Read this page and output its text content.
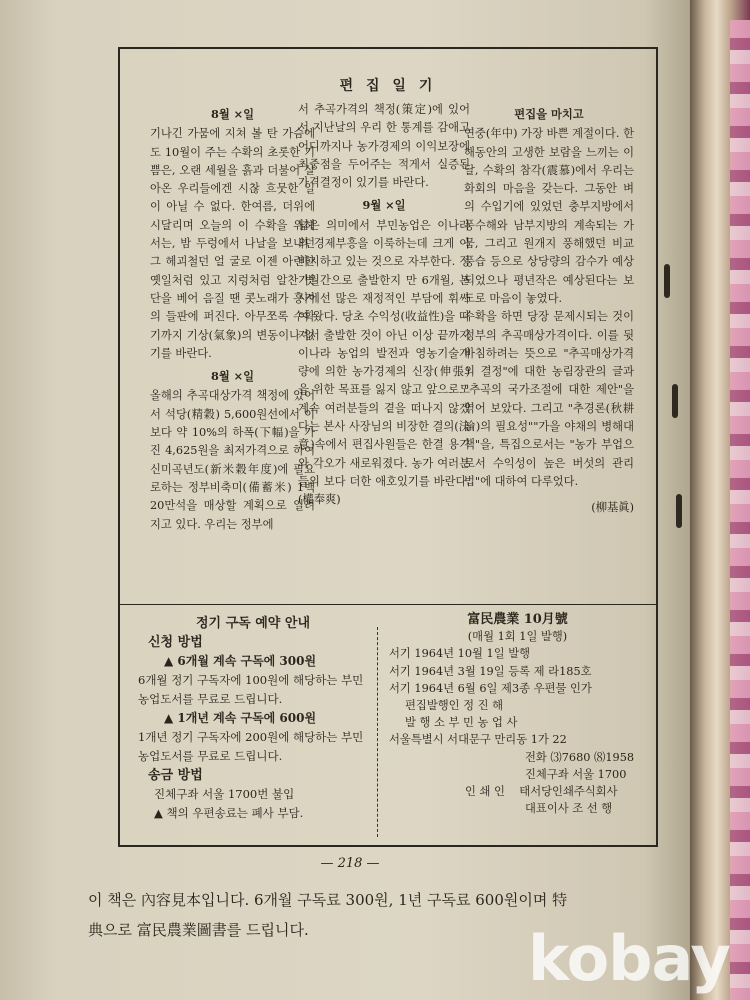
편 집 일 기

8월 ×일

기나긴 가뭄에 지쳐 볼 탄 가슴에도 10월이 주는 수확의 초롯한 기쁨은, 오랜 세월을 흙과 더불어 살아온 우리들에겐 시찮 흐뭇한 일이 아닐 수 없다. 한여름, 더위에 시달리며 오늘의 이 수확을 위해 서는, 밤 두렁에서 나날을 보내던 그 헤괴철던 얼 굴로 이젠 아련한 옛일처럼 있고 지렁처럼 알찬 벗단을 베어 음질 땐 콧노래가 흥겨의 들판에 퍼진다. 아무쪼록 수확기까지 기상(氣象)의 변동이나 없기를 바란다.

8월 ×일

올해의 추곡대상가격 책정에 있어서 석당(精穀) 5,600원선에서 이보다 약 10%의 하폭(下幅)을 가진 4,625원을 최저가격으로 하여 신미곡년도(新米穀年度)에 필요로하는 정부비축미(備蓄米) 1백 20만석을 매상할 계획으로 일려지고 있다. 우리는 정부에

서 추곡가격의 책정(策定)에 있어서 지난날의 우리 한 통계를 감애고 어디까지나 농가경제의 이익보장에 최중점을 두어주는 적게서 실증된 가격결정이 있기를 바란다.

9월 ×일

넓은 의미에서 부민농업은 이나라의 경제부흥을 이룩하는데 크게 이바지하고 있는 것으로 자부한다. 정기월간으로 출발한지 만 6개월, 본사에선 많은 재정적인 부담에 휘싸여 왔다. 당초 수익성(收益性)을 따져서 출발한 것이 아닌 이상 끝까지 이나라 농업의 발전과 영농기술개량에 의한 농가경제의 신장(伸張)을 위한 목표를 잃지 않고 앞으로도 계속 여러분들의 곁을 떠나지 않겠다는 본사 사장님의 비장한 결의(決意)속에서 편집사원들은 한결 용기와 각오가 새로워졌다. 농가 여러분들의 보다 더한 애호있기를 바란다.(權奉爽)

편집을 마치고

연중(年中) 가장 바쁜 계절이다. 한해동안의 고생한 보람을 느끼는 이달, 수확의 참각(震慕)에서 우리는 화회의 마음을 갖는다. 그동안 벼의 수입기에 있었던 충부지방에서 풍수해와 남부지방의 계속되는 가뭄, 그리고 원개지 풍해했던 비교풍습 등으로 상당량의 감수가 예상되었으나 평년작은 예상된다는 보도로 마음이 놓였다.

수확을 하면 당장 문제시되는 것이 정부의 추곡매상가격이다. 이를 뒷바침하려는 뜻으로 "추곡매상가격의 결정"에 대한 농림장관의 글과 "추곡의 국가조절에 대한 제안"을 엮어 보았다. 그리고 "추경론(秋耕論)의 필요성""가을 야채의 병해대책"을, 특집으로서는 "농가 부업으로서 수익성이 높은 버섯의 관리법"에 대하여 다루었다.

(柳基眞)

정기 구독 예약 안내
신청 방법
▲ 6개월 계속 구독에 300원
6개월 정기 구독자에 100원에 해당하는 부민 농업도서를 무료로 드립니다.
▲ 1개년 계속 구독에 600원
1개년 정기 구독자에 200원에 해당하는 부민 농업도서를 무료로 드립니다.
송금 방법
진체구좌 서울 1700번 불입
▲ 책의 우편송료는 폐사 부담.
富民農業 10月號
(매월 1회 1일 발행)
서기 1964년 10월 1일 발행
서기 1964년 3월 19일 등록 제 라185호
서기 1964년 6월 6일 제3종 우편물 인가
편집발행인 정 진 해
발 행 소 부 민 농 업 사
서울특별시 서대문구 만리동 1가 22
전화 ⑶7680 ⑻1958
진체구좌 서울 1700
인 쇄 인 태서당인쇄주식회사
대표이사 조 선 행
— 218 —
이 책은 內容見本입니다. 6개월 구독료 300원, 1년 구독료 600원이며 特
典으로 富民農業圖書를 드립니다.	kobay
